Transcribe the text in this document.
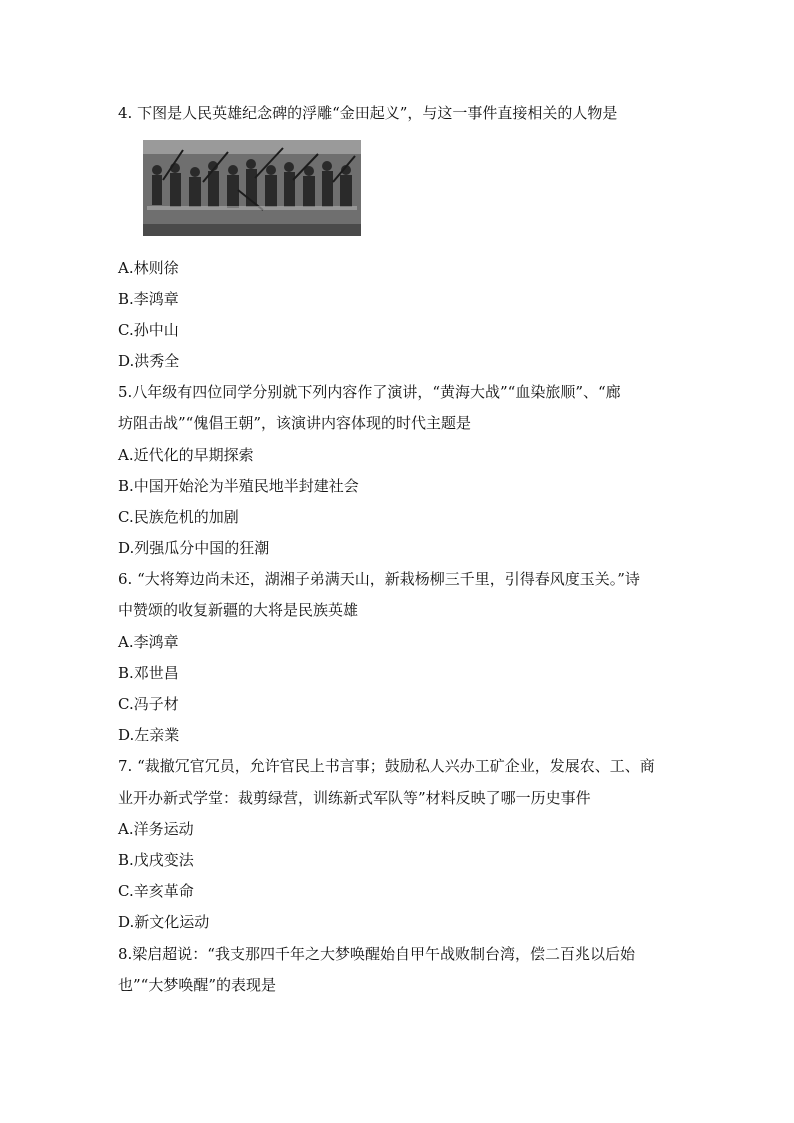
4. 下图是人民英雄纪念碑的浮雕“金田起义”，与这一事件直接相关的人物是
A.林则徐
B.李鸿章
C.孙中山
D.洪秀全
5.八年级有四位同学分别就下列内容作了演讲，“黄海大战”“血染旅顺”、“廊
坊阻击战”“傀倡王朝”，该演讲内容体现的时代主题是
A.近代化的早期探索
B.中国开始沦为半殖民地半封建社会
C.民族危机的加剧
D.列强瓜分中国的狂潮
6. “大将筹边尚未还，湖湘子弟满天山，新栽杨柳三千里，引得春风度玉关。”诗
中赞颂的收复新疆的大将是民族英雄
A.李鸿章
B.邓世昌
C.冯子材
D.左亲業
7. “裁撤冗官冗员，允许官民上书言事；鼓励私人兴办工矿企业，发展农、工、商
业开办新式学堂：裁剪绿营，训练新式军队等”材料反映了哪一历史事件
A.洋务运动
B.戊戌变法
C.辛亥革命
D.新文化运动
8.梁启超说：“我支那四千年之大梦唤醒始自甲午战败制台湾，偿二百兆以后始
也”“大梦唤醒”的表现是
